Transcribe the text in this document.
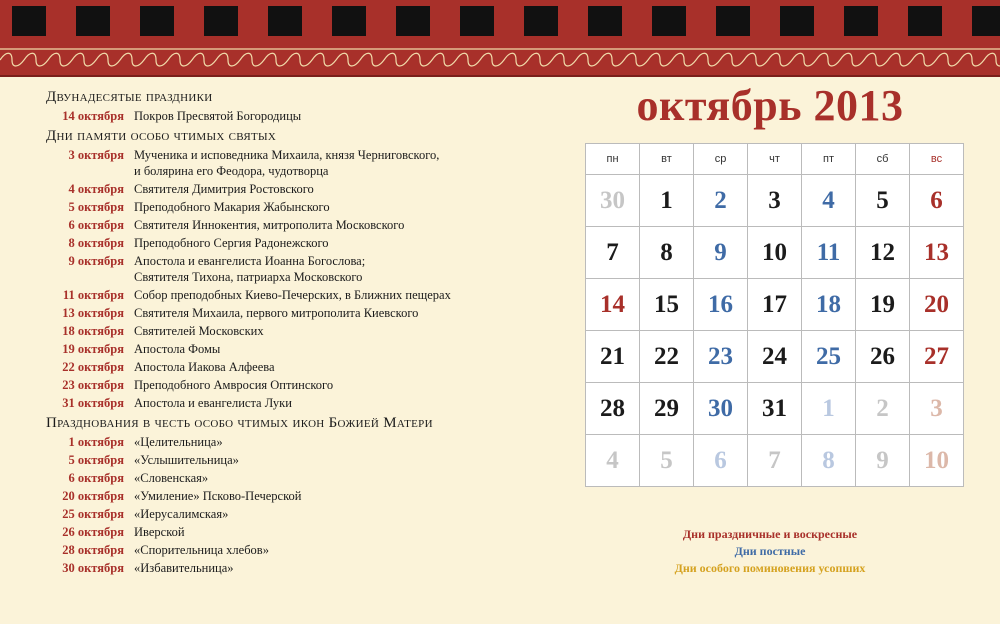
Двунадесятые праздники
14 октября Покров Пресвятой Богородицы
Дни памяти особо чтимых святых
3 октября Мученика и исповедника Михаила, князя Черниговского,
и болярина его Феодора, чудотворца
4 октября Святителя Димитрия Ростовского
5 октября Преподобного Макария Жабынского
6 октября Святителя Иннокентия, митрополита Московского
8 октября Преподобного Сергия Радонежского
9 октября Апостола и евангелиста Иоанна Богослова;
Святителя Тихона, патриарха Московского
11 октября Собор преподобных Киево-Печерских, в Ближних пещерах
13 октября Святителя Михаила, первого митрополита Киевского
18 октября Святителей Московских
19 октября Апостола Фомы
22 октября Апостола Иакова Алфеева
23 октября Преподобного Амвросия Оптинского
31 октября Апостола и евангелиста Луки
Празднования в честь особо чтимых икон Божией Матери
1 октября «Целительница»
5 октября «Услышительница»
6 октября «Словенская»
20 октября «Умиление» Псково-Печерской
25 октября «Иерусалимская»
26 октября Иверской
28 октября «Спорительница хлебов»
30 октября «Избавительница»
октябрь 2013
пн	вт	ср	чт	пт	сб	вс
30	1	2	3	4	5	6
7	8	9	10	11	12	13
14	15	16	17	18	19	20
21	22	23	24	25	26	27
28	29	30	31	1	2	3
4	5	6	7	8	9	10
Дни праздничные и воскресные
Дни постные
Дни особого поминовения усопших
